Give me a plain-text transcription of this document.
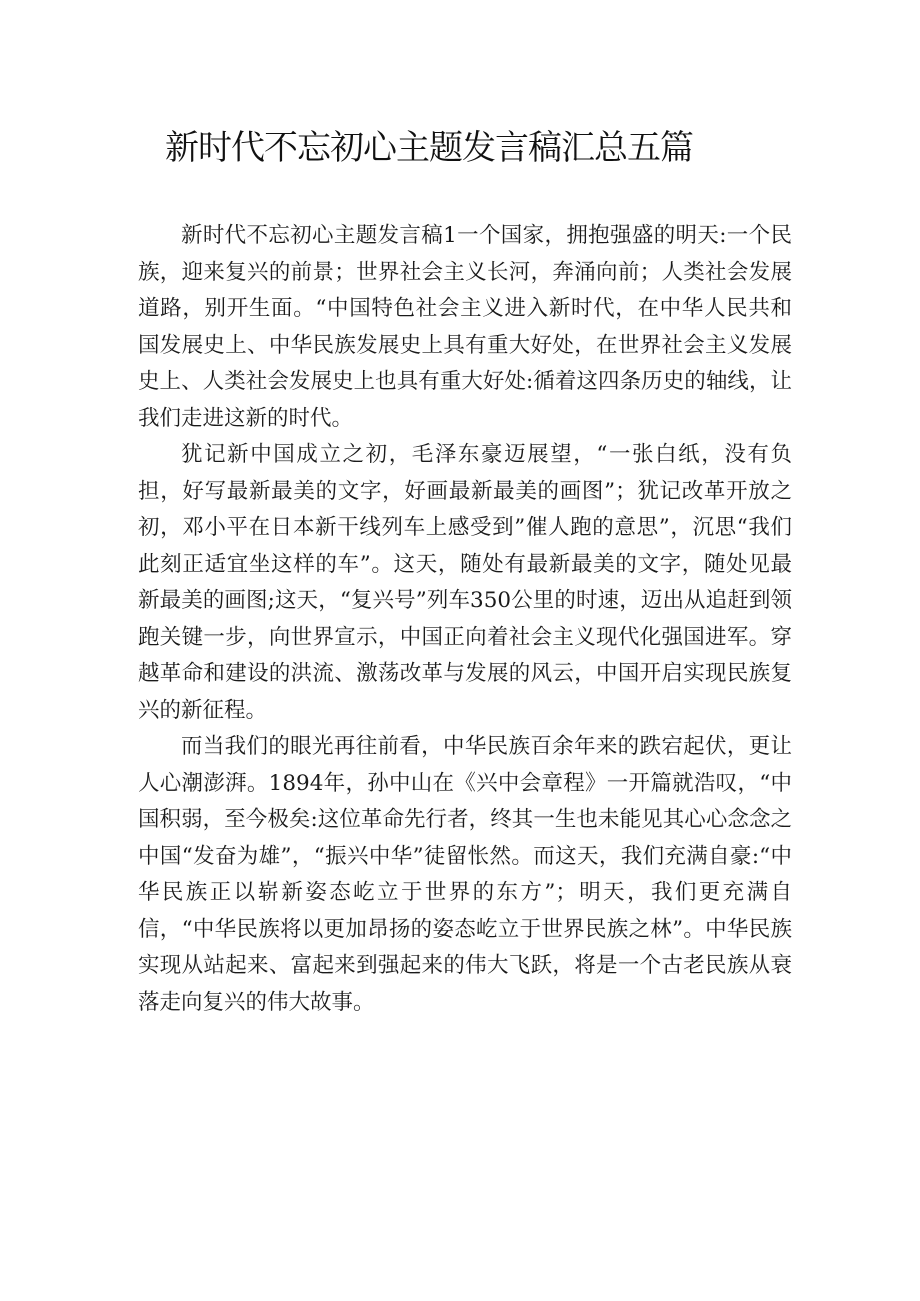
新时代不忘初心主题发言稿汇总五篇

新时代不忘初心主题发言稿1一个国家，拥抱强盛的明天:一个民族，迎来复兴的前景；世界社会主义长河，奔涌向前；人类社会发展道路，别开生面。“中国特色社会主义进入新时代，在中华人民共和国发展史上、中华民族发展史上具有重大好处，在世界社会主义发展史上、人类社会发展史上也具有重大好处:循着这四条历史的轴线，让我们走进这新的时代。

犹记新中国成立之初，毛泽东豪迈展望，“一张白纸，没有负担，好写最新最美的文字，好画最新最美的画图”；犹记改革开放之初，邓小平在日本新干线列车上感受到”催人跑的意思”，沉思“我们此刻正适宜坐这样的车”。这天，随处有最新最美的文字，随处见最新最美的画图;这天，“复兴号”列车350公里的时速，迈出从追赶到领跑关键一步，向世界宣示，中国正向着社会主义现代化强国进军。穿越革命和建设的洪流、激荡改革与发展的风云，中国开启实现民族复兴的新征程。

而当我们的眼光再往前看，中华民族百余年来的跌宕起伏，更让人心潮澎湃。1894年，孙中山在《兴中会章程》一开篇就浩叹，“中国积弱，至今极矣:这位革命先行者，终其一生也未能见其心心念念之中国“发奋为雄”，“振兴中华”徒留怅然。而这天，我们充满自豪:“中华民族正以崭新姿态屹立于世界的东方”；明天，我们更充满自信，“中华民族将以更加昂扬的姿态屹立于世界民族之林”。中华民族实现从站起来、富起来到强起来的伟大飞跃，将是一个古老民族从衰落走向复兴的伟大故事。
